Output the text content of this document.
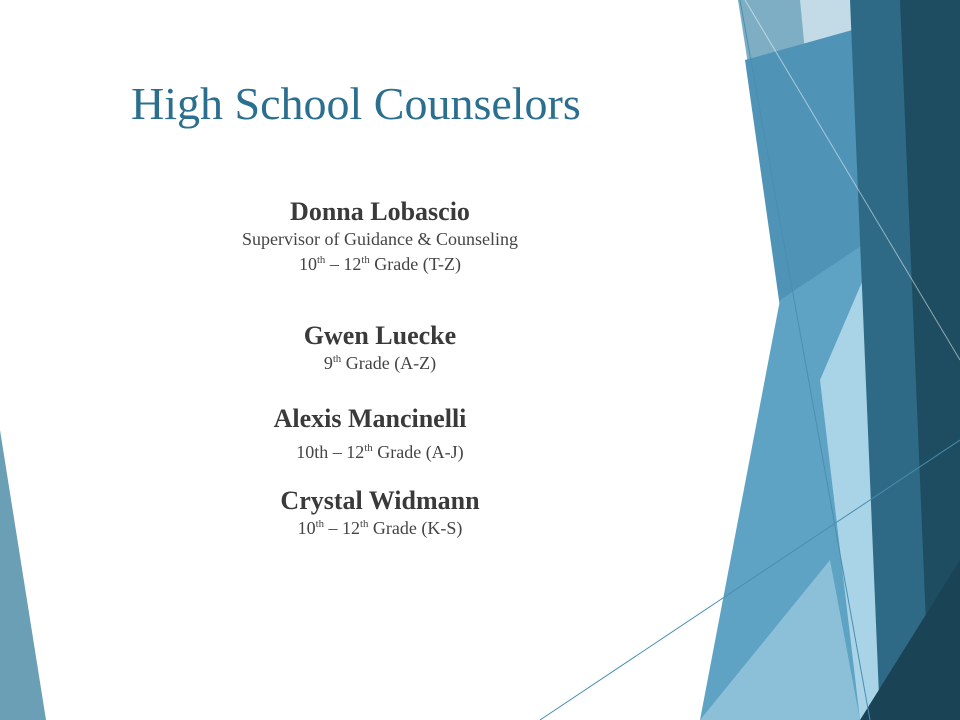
High School Counselors
Donna Lobascio
Supervisor of Guidance & Counseling
10th – 12th Grade (T-Z)
Gwen Luecke
9th Grade (A-Z)
Alexis Mancinelli
10th – 12th Grade (A-J)
Crystal Widmann
10th – 12th Grade (K-S)
